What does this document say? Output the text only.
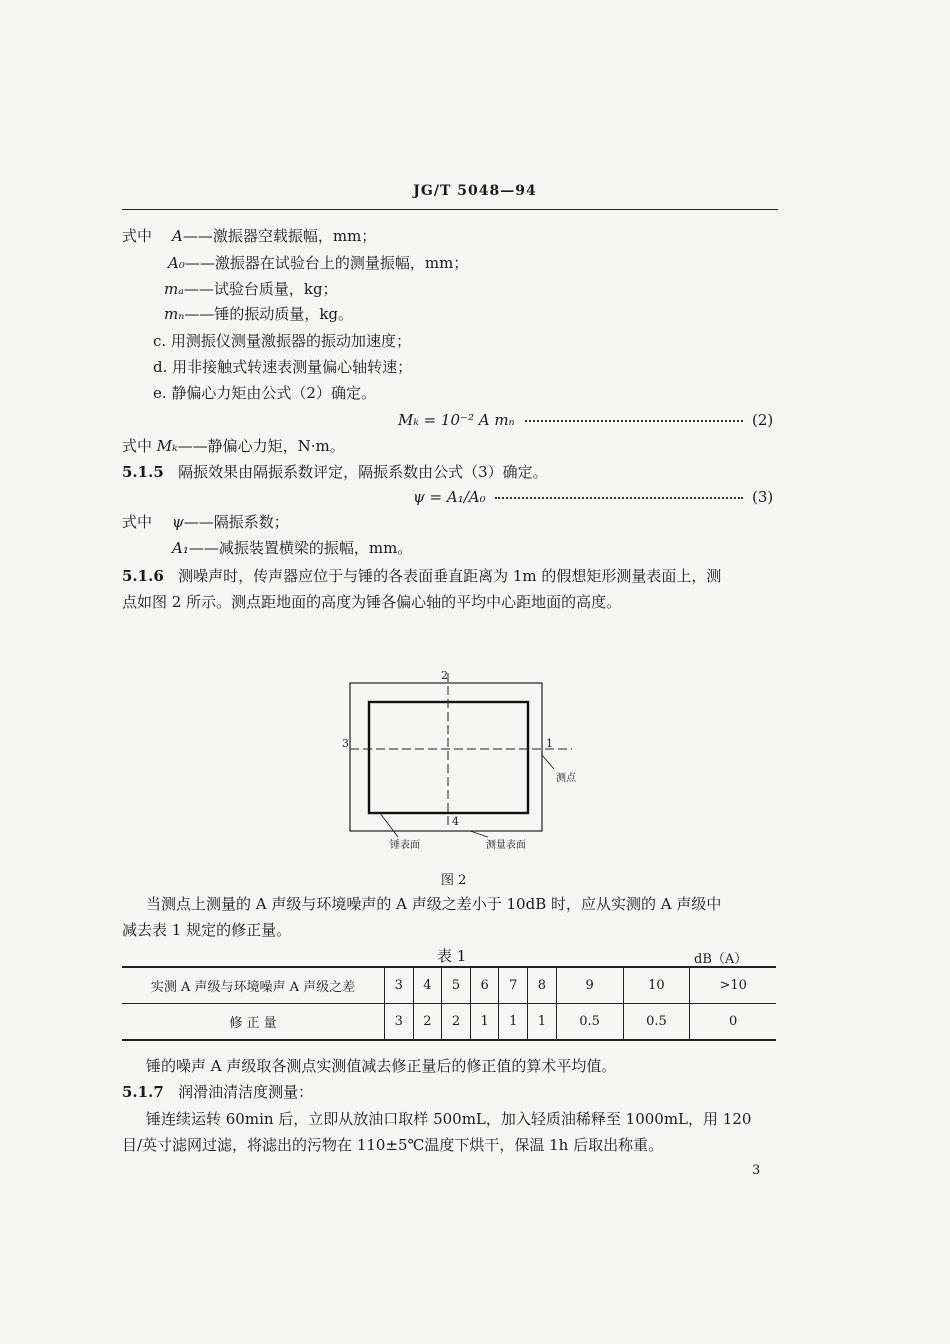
JG/T 5048—94
式中 A——激振器空载振幅，mm；
A₀——激振器在试验台上的测量振幅，mm；
mₐ——试验台质量，kg；
mₙ——锤的振动质量，kg。
c. 用测振仪测量激振器的振动加速度；
d. 用非接触式转速表测量偏心轴转速；
e. 静偏心力矩由公式（2）确定。
Mₖ = 10⁻² A mₙ	(2)
式中 Mₖ——静偏心力矩，N·m。
5.1.5 隔振效果由隔振系数评定，隔振系数由公式（3）确定。
ψ = A₁/A₀	(3)
式中 ψ——隔振系数；
A₁——减振装置横梁的振幅，mm。
5.1.6 测噪声时，传声器应位于与锤的各表面垂直距离为 1m 的假想矩形测量表面上，测
点如图 2 所示。测点距地面的高度为锤各偏心轴的平均中心距地面的高度。
2
3	1
4
测点
锤表面	测量表面
图 2
当测点上测量的 A 声级与环境噪声的 A 声级之差小于 10dB 时，应从实测的 A 声级中
减去表 1 规定的修正量。
表 1	dB（A）
实测 A 声级与环境噪声 A 声级之差	3	4	5	6	7	8	9	10	>10
修 正 量	3	2	2	1	1	1	0.5	0.5	0
锤的噪声 A 声级取各测点实测值减去修正量后的修正值的算术平均值。
5.1.7 润滑油清洁度测量：
锤连续运转 60min 后，立即从放油口取样 500mL，加入轻质油稀释至 1000mL，用 120
目/英寸滤网过滤，将滤出的污物在 110±5℃温度下烘干，保温 1h 后取出称重。
3
